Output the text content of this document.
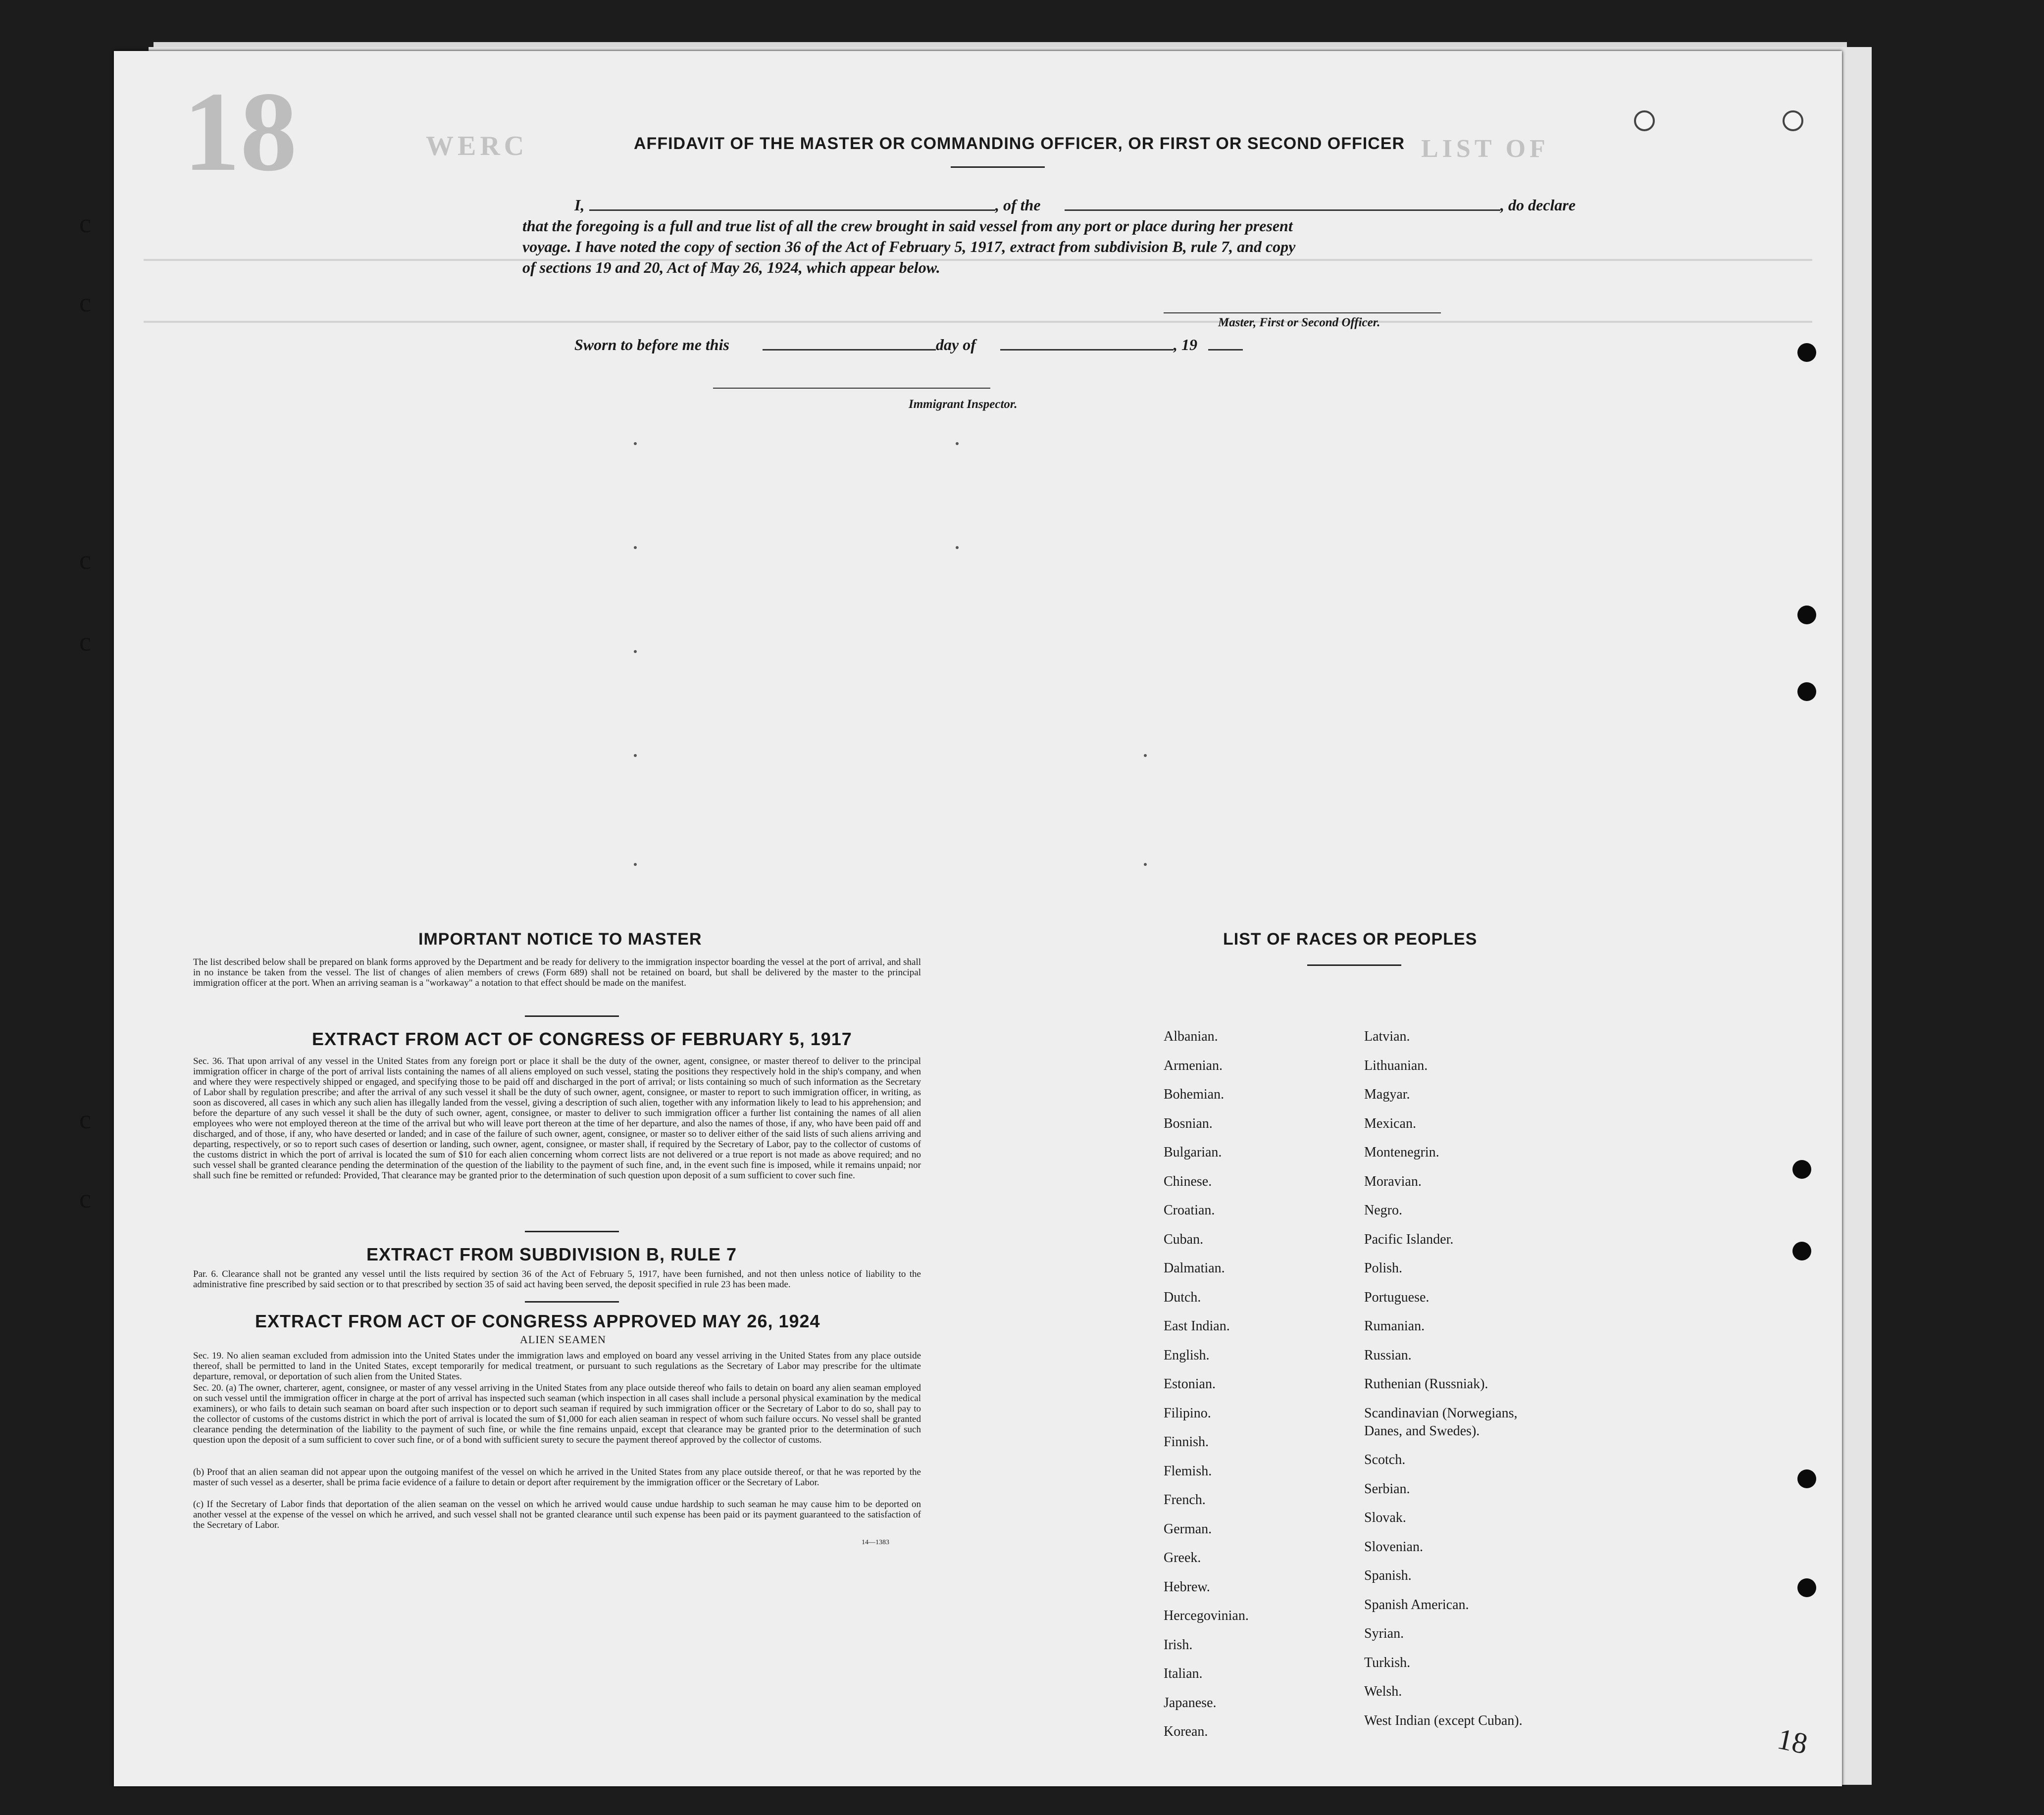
18	WERC	LIST OF
AFFIDAVIT OF THE MASTER OR COMMANDING OFFICER, OR FIRST OR SECOND OFFICER
I,	, of the	, do declare
that the foregoing is a full and true list of all the crew brought in said vessel from any port or place during her present
voyage. I have noted the copy of section 36 of the Act of February 5, 1917, extract from subdivision B, rule 7, and copy
of sections 19 and 20, Act of May 26, 1924, which appear below.
Master, First or Second Officer.
Sworn to before me this	day of	, 19
Immigrant Inspector.
IMPORTANT NOTICE TO MASTER
The list described below shall be prepared on blank forms approved by the Department and be ready for delivery to the immigration inspector boarding the vessel at the port of arrival, and shall in no instance be taken from the vessel. The list of changes of alien members of crews (Form 689) shall not be retained on board, but shall be delivered by the master to the principal immigration officer at the port. When an arriving seaman is a "workaway" a notation to that effect should be made on the manifest.
EXTRACT FROM ACT OF CONGRESS OF FEBRUARY 5, 1917
Sec. 36. That upon arrival of any vessel in the United States from any foreign port or place it shall be the duty of the owner, agent, consignee, or master thereof to deliver to the principal immigration officer in charge of the port of arrival lists containing the names of all aliens employed on such vessel, stating the positions they respectively hold in the ship's company, and when and where they were respectively shipped or engaged, and specifying those to be paid off and discharged in the port of arrival; or lists containing so much of such information as the Secretary of Labor shall by regulation prescribe; and after the arrival of any such vessel it shall be the duty of such owner, agent, consignee, or master to report to such immigration officer, in writing, as soon as discovered, all cases in which any such alien has illegally landed from the vessel, giving a description of such alien, together with any information likely to lead to his apprehension; and before the departure of any such vessel it shall be the duty of such owner, agent, consignee, or master to deliver to such immigration officer a further list containing the names of all alien employees who were not employed thereon at the time of the arrival but who will leave port thereon at the time of her departure, and also the names of those, if any, who have been paid off and discharged, and of those, if any, who have deserted or landed; and in case of the failure of such owner, agent, consignee, or master so to deliver either of the said lists of such aliens arriving and departing, respectively, or so to report such cases of desertion or landing, such owner, agent, consignee, or master shall, if required by the Secretary of Labor, pay to the collector of customs of the customs district in which the port of arrival is located the sum of $10 for each alien concerning whom correct lists are not delivered or a true report is not made as above required; and no such vessel shall be granted clearance pending the determination of the question of the liability to the payment of such fine, and, in the event such fine is imposed, while it remains unpaid; nor shall such fine be remitted or refunded: Provided, That clearance may be granted prior to the determination of such question upon deposit of a sum sufficient to cover such fine.
EXTRACT FROM SUBDIVISION B, RULE 7
Par. 6. Clearance shall not be granted any vessel until the lists required by section 36 of the Act of February 5, 1917, have been furnished, and not then unless notice of liability to the administrative fine prescribed by said section or to that prescribed by section 35 of said act having been served, the deposit specified in rule 23 has been made.
EXTRACT FROM ACT OF CONGRESS APPROVED MAY 26, 1924
ALIEN SEAMEN
Sec. 19. No alien seaman excluded from admission into the United States under the immigration laws and employed on board any vessel arriving in the United States from any place outside thereof, shall be permitted to land in the United States, except temporarily for medical treatment, or pursuant to such regulations as the Secretary of Labor may prescribe for the ultimate departure, removal, or deportation of such alien from the United States.
Sec. 20. (a) The owner, charterer, agent, consignee, or master of any vessel arriving in the United States from any place outside thereof who fails to detain on board any alien seaman employed on such vessel until the immigration officer in charge at the port of arrival has inspected such seaman (which inspection in all cases shall include a personal physical examination by the medical examiners), or who fails to detain such seaman on board after such inspection or to deport such seaman if required by such immigration officer or the Secretary of Labor to do so, shall pay to the collector of customs of the customs district in which the port of arrival is located the sum of $1,000 for each alien seaman in respect of whom such failure occurs. No vessel shall be granted clearance pending the determination of the liability to the payment of such fine, or while the fine remains unpaid, except that clearance may be granted prior to the determination of such question upon the deposit of a sum sufficient to cover such fine, or of a bond with sufficient surety to secure the payment thereof approved by the collector of customs.
(b) Proof that an alien seaman did not appear upon the outgoing manifest of the vessel on which he arrived in the United States from any place outside thereof, or that he was reported by the master of such vessel as a deserter, shall be prima facie evidence of a failure to detain or deport after requirement by the immigration officer or the Secretary of Labor.
(c) If the Secretary of Labor finds that deportation of the alien seaman on the vessel on which he arrived would cause undue hardship to such seaman he may cause him to be deported on another vessel at the expense of the vessel on which he arrived, and such vessel shall not be granted clearance until such expense has been paid or its payment guaranteed to the satisfaction of the Secretary of Labor.
14—1383
LIST OF RACES OR PEOPLES
Albanian.
Armenian.
Bohemian.
Bosnian.
Bulgarian.
Chinese.
Croatian.
Cuban.
Dalmatian.
Dutch.
East Indian.
English.
Estonian.
Filipino.
Finnish.
Flemish.
French.
German.
Greek.
Hebrew.
Hercegovinian.
Irish.
Italian.
Japanese.
Korean.
Latvian.
Lithuanian.
Magyar.
Mexican.
Montenegrin.
Moravian.
Negro.
Pacific Islander.
Polish.
Portuguese.
Rumanian.
Russian.
Ruthenian (Russniak).
Scandinavian (Norwegians,
Danes, and Swedes).
Scotch.
Serbian.
Slovak.
Slovenian.
Spanish.
Spanish American.
Syrian.
Turkish.
Welsh.
West Indian (except Cuban).
18
c
c
c
c
c
c
